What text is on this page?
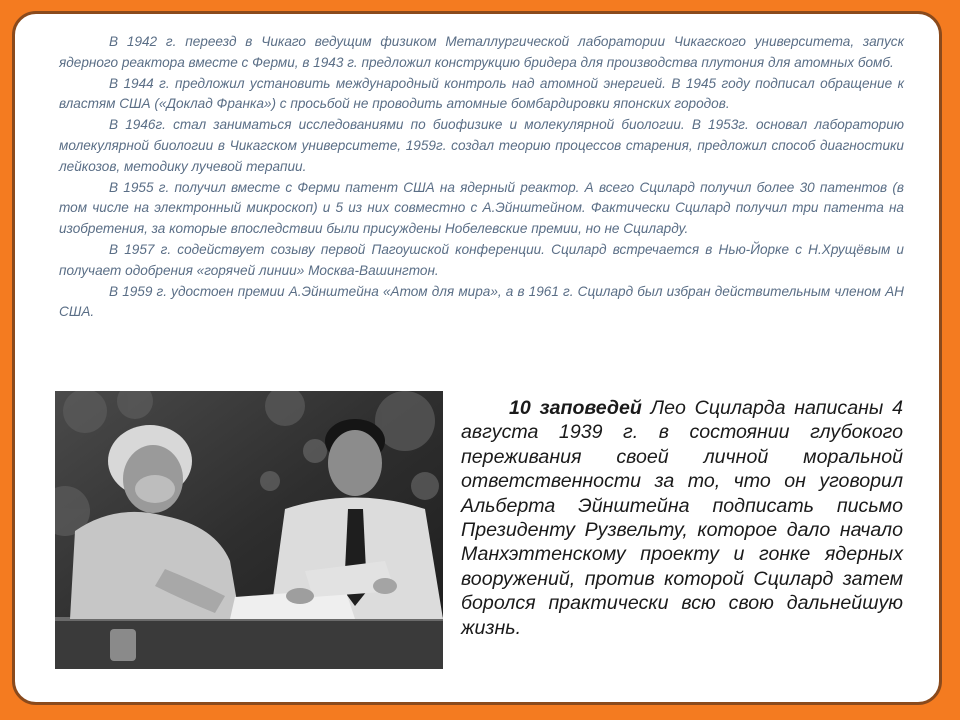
В 1942 г. переезд в Чикаго ведущим физиком Металлургической лаборатории Чикагского университета, запуск ядерного реактора вместе с Ферми, в 1943 г. предложил конструкцию бридера для производства плутония для атомных бомб.

В 1944 г. предложил установить международный контроль над атомной энергией. В 1945 году подписал обращение к властям США («Доклад Франка») с просьбой не проводить атомные бомбардировки японских городов.

В 1946г. стал заниматься исследованиями по биофизике и молекулярной биологии. В 1953г. основал лабораторию молекулярной биологии в Чикагском университете, 1959г. создал теорию процессов старения, предложил способ диагностики лейкозов, методику лучевой терапии.

В 1955 г. получил вместе с Ферми патент США на ядерный реактор. А всего Сцилард получил более 30 патентов (в том числе на электронный микроскоп) и 5 из них совместно с А.Эйнштейном. Фактически Сцилард получил три патента на изобретения, за которые впоследствии были присуждены Нобелевские премии, но не Сциларду.

В 1957 г. содействует созыву первой Пагоушской конференции. Сцилард встречается в Нью-Йорке с Н.Хрущёвым и получает одобрения «горячей линии» Москва-Вашингтон.

В 1959 г. удостоен премии А.Эйнштейна «Атом для мира», а в 1961 г. Сцилард был избран действительным членом АН США.

10 заповедей Лео Сциларда написаны 4 августа 1939 г. в состоянии глубокого переживания своей личной моральной ответственности за то, что он уговорил Альберта Эйнштейна подписать письмо Президенту Рузвельту, которое дало начало Манхэттенскому проекту и гонке ядерных вооружений, против которой Сцилард затем боролся практически всю свою дальнейшую жизнь.
